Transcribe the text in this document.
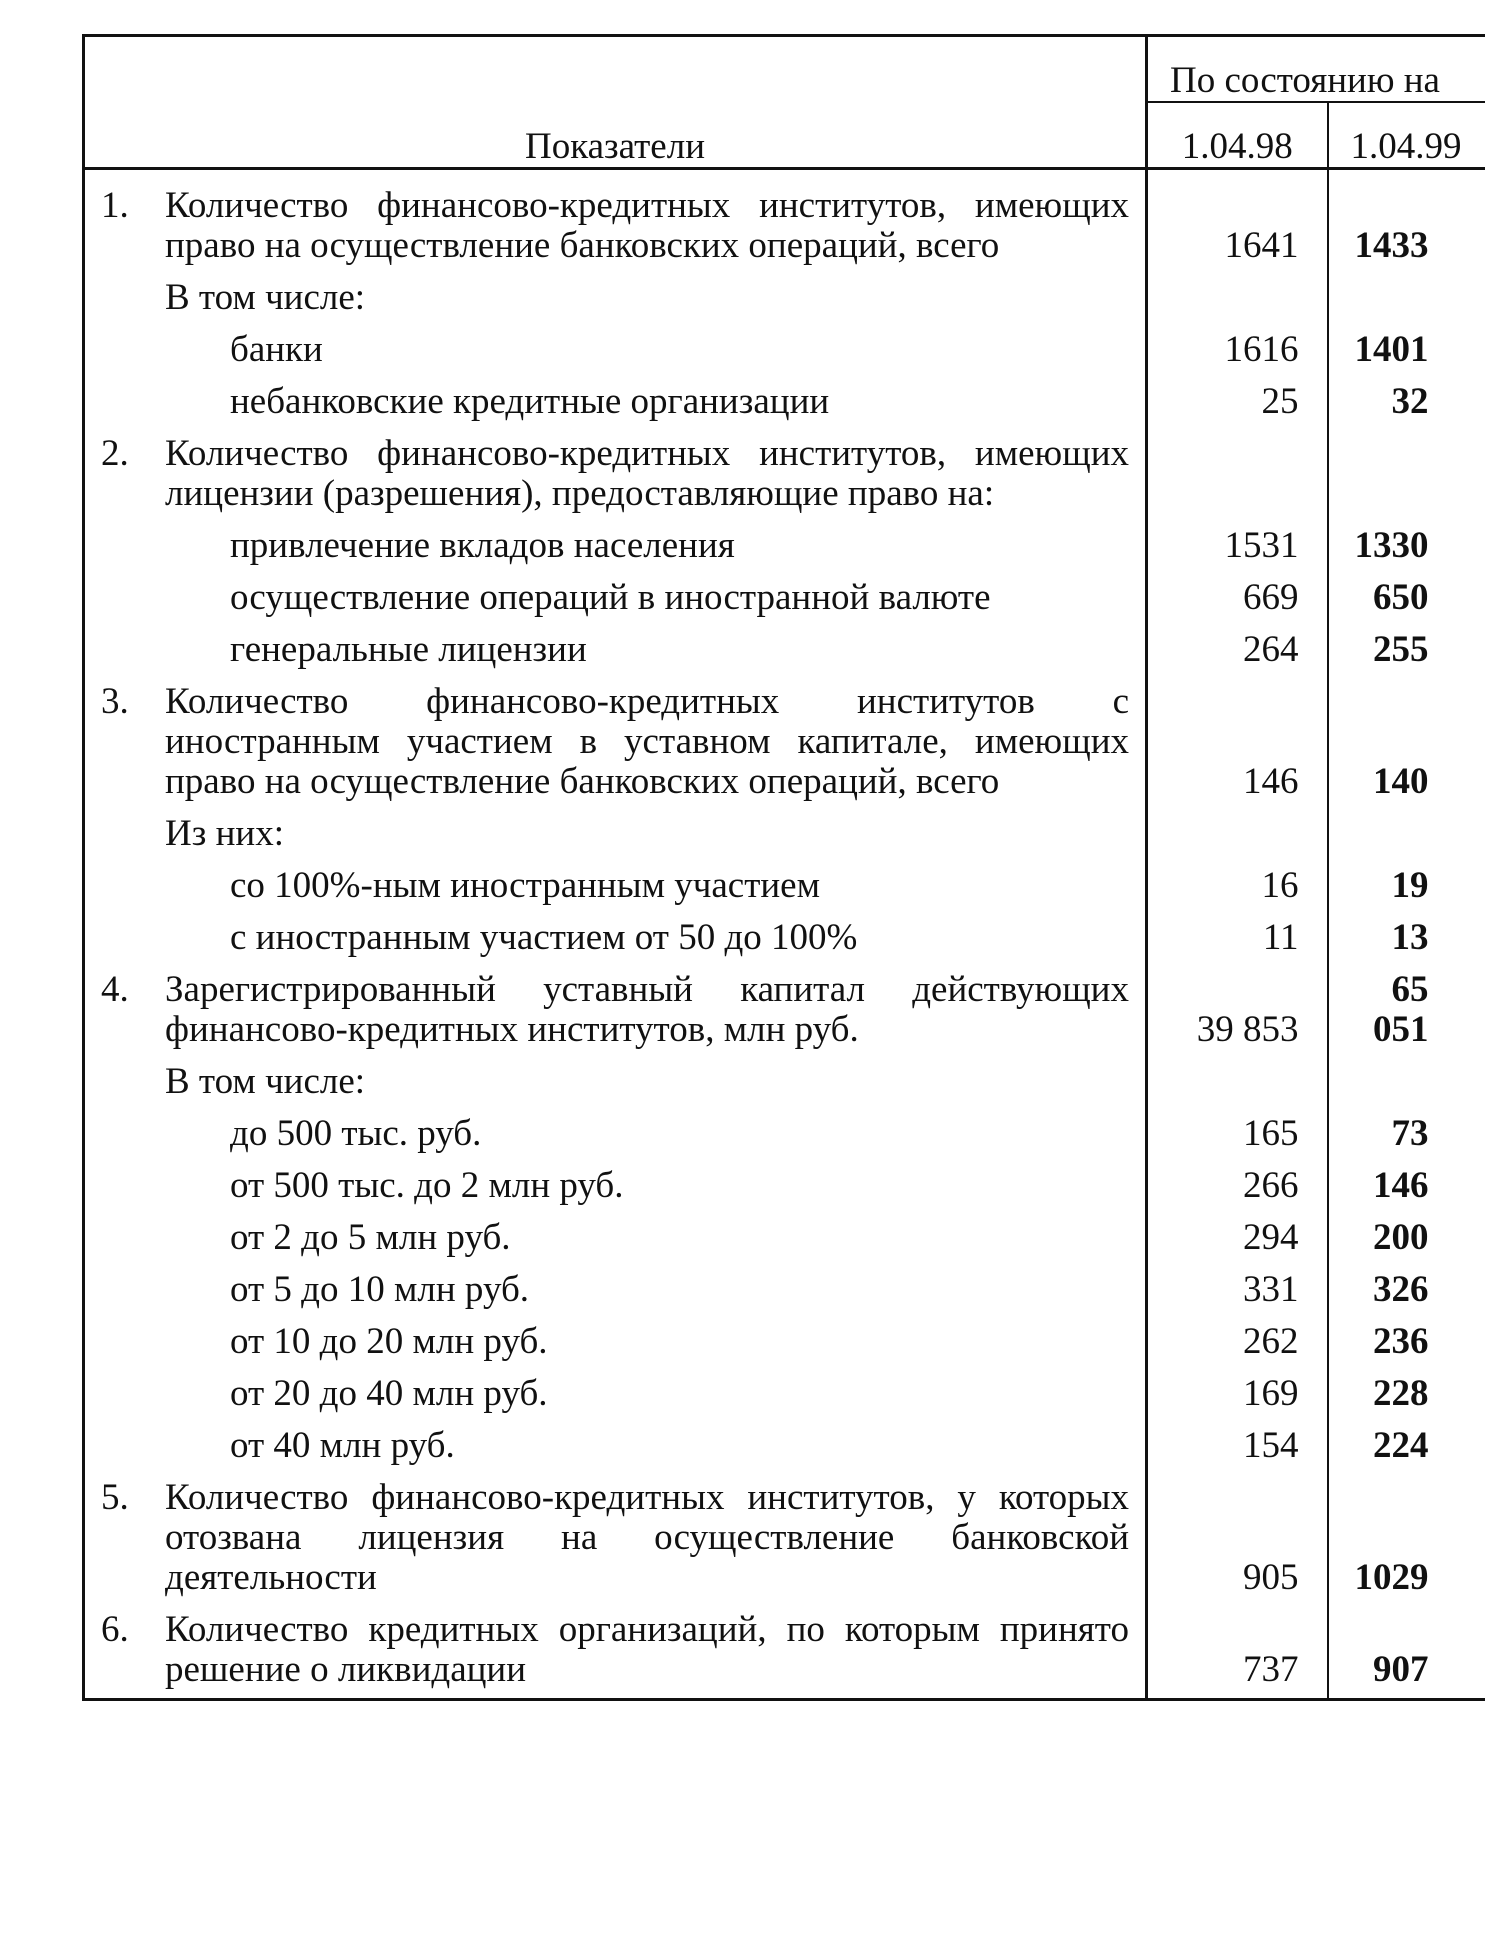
Показатели	По состоянию на	
	1.04.98	1.04.99

1. Количество финансово-кредитных институтов, имеющих право на осуществление банковских операций, всего	1641	1433

В том числе:		

банки	1616	1401

небанковские кредитные организации	25	32

2. Количество финансово-кредитных институтов, имеющих лицензии (разрешения), предоставляющие право на:		

привлечение вкладов населения	1531	1330

осуществление операций в иностранной валюте	669	650

генеральные лицензии	264	255

3. Количество финансово-кредитных институтов с иностранным участием в уставном капитале, имеющих право на осуществление банковских операций, всего	146	140

Из них:		

со 100%-ным иностранным участием	16	19

с иностранным участием от 50 до 100%	11	13

4. Зарегистрированный уставный капитал действующих финансово-кредитных институтов, млн руб.	39 853	65 051

В том числе:		

до 500 тыс. руб.	165	73

от 500 тыс. до 2 млн руб.	266	146

от 2 до 5 млн руб.	294	200

от 5 до 10 млн руб.	331	326

от 10 до 20 млн руб.	262	236

от 20 до 40 млн руб.	169	228

от 40 млн руб.	154	224

5. Количество финансово-кредитных институтов, у которых отозвана лицензия на осуществление банковской деятельности	905	1029

6. Количество кредитных организаций, по которым принято решение о ликвидации	737	907
